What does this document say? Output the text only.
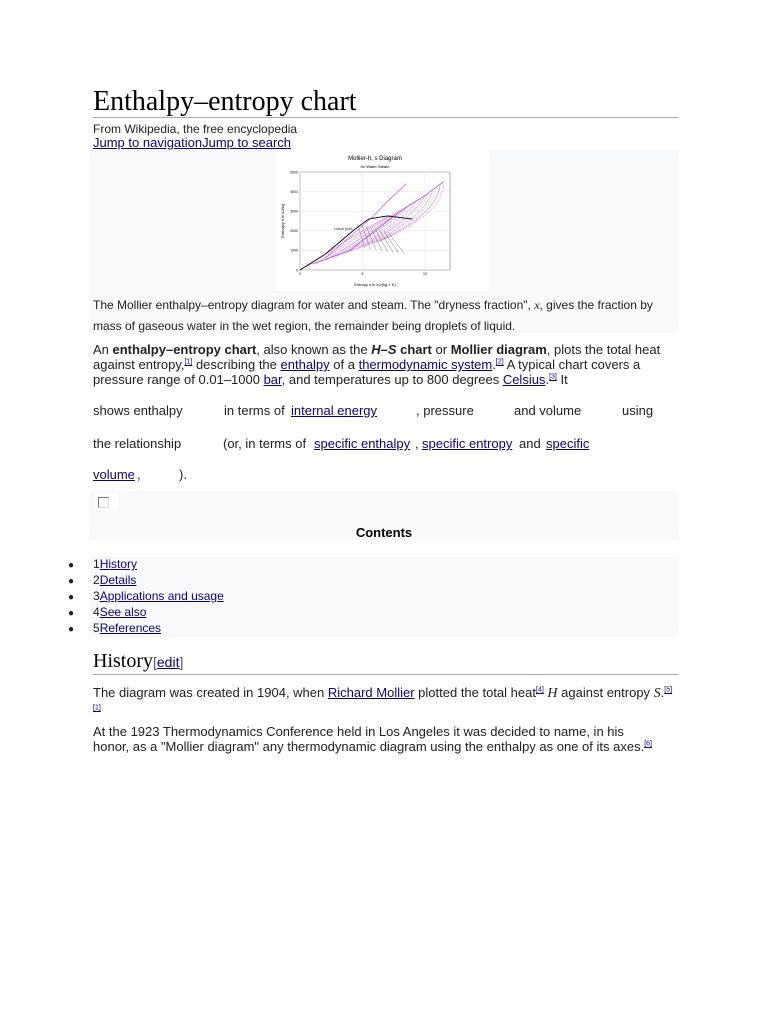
Enthalpy–entropy chart
From Wikipedia, the free encyclopedia
Jump to navigationJump to search
Mollier-h, s Diagram
for Water Steam
0
1000
2000
3000
4000
5000
0	5	10
critical point
Entropy s in kJ/(kg × K)
Enthalpy h in kJ/kg

The Mollier enthalpy–entropy diagram for water and steam. The "dryness fraction", x, gives the fraction by mass of gaseous water in the wet region, the remainder being droplets of liquid.

An enthalpy–entropy chart, also known as the H–S chart or Mollier diagram, plots the total heat against entropy,[1] describing the enthalpy of a thermodynamic system.[2] A typical chart covers a pressure range of 0.01–1000 bar, and temperatures up to 800 degrees Celsius.[3] It

shows enthalpy	in terms of internal energy	, pressure	and volume	using
the relationship	(or, in terms of specific enthalpy , specific entropy and specific
volume ,	).
Contents
● 1History
● 2Details
● 3Applications and usage
● 4See also
● 5References
History[edit]

The diagram was created in 1904, when Richard Mollier plotted the total heat[4] H against entropy S.[5][1]

At the 1923 Thermodynamics Conference held in Los Angeles it was decided to name, in his honor, as a "Mollier diagram" any thermodynamic diagram using the enthalpy as one of its axes.[6]
